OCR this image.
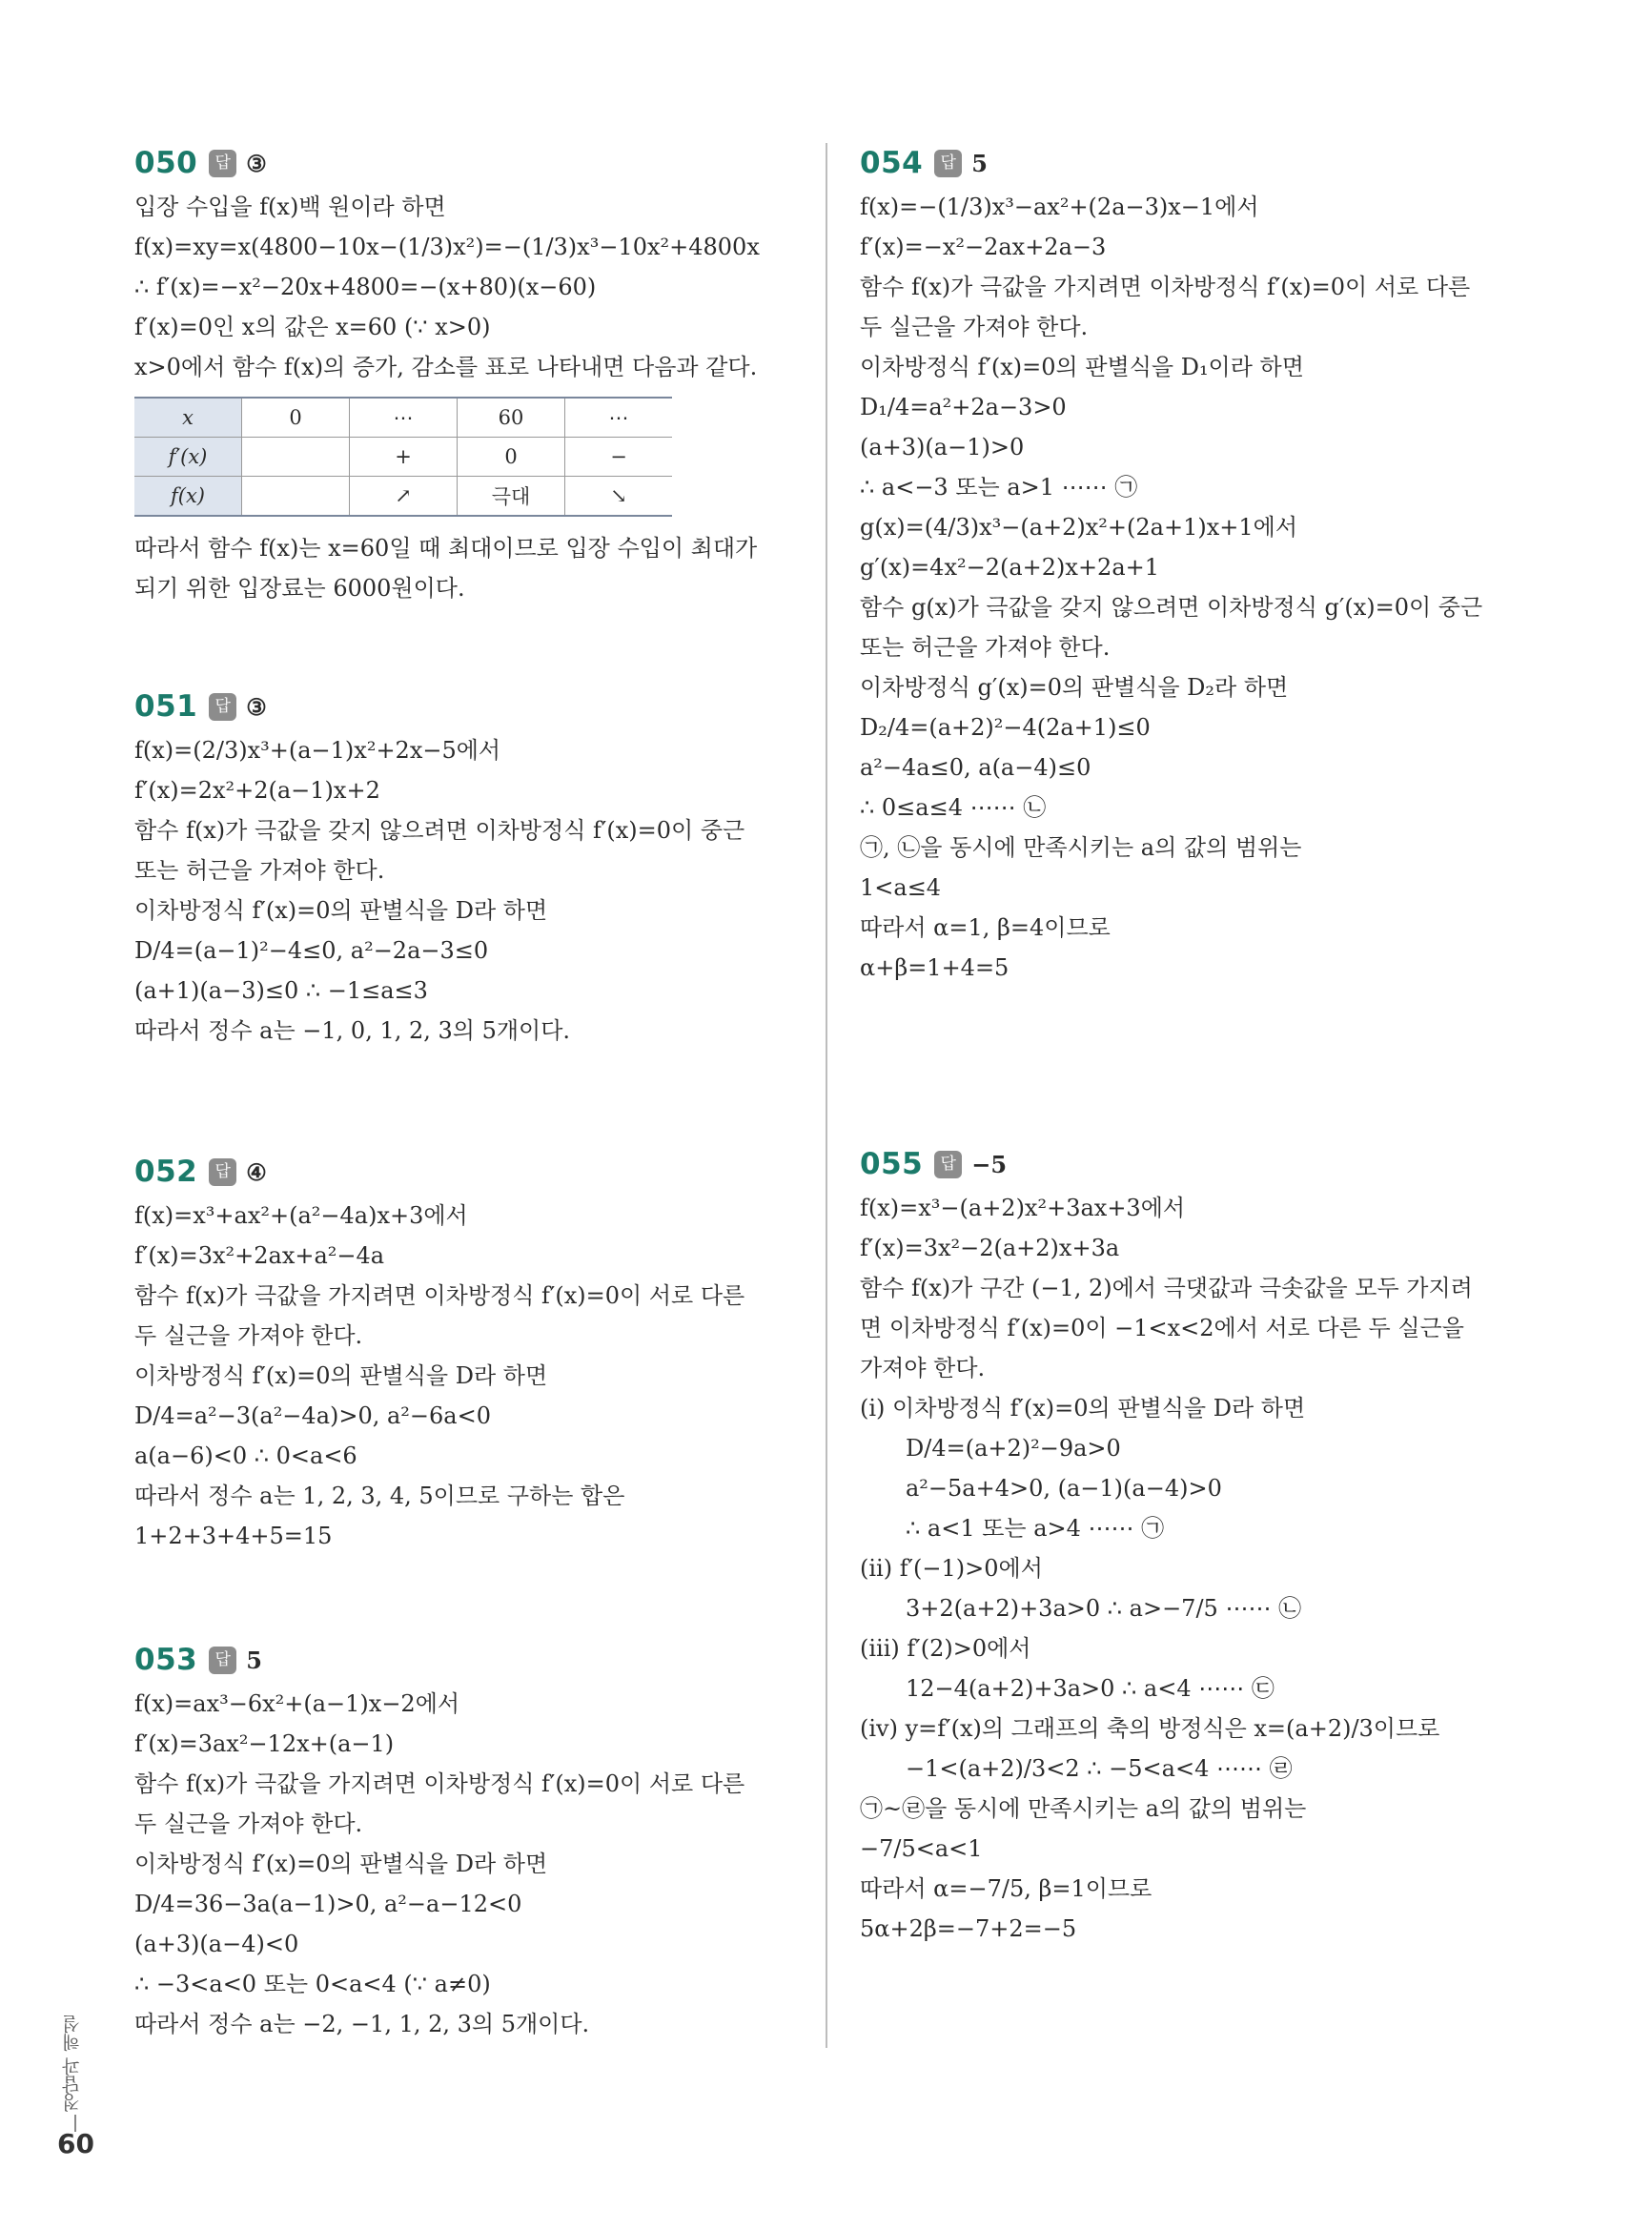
050	답 ③
입장 수입을 f(x)백 원이라 하면
f(x)=xy=x(4800−10x−(1/3)x²)=−(1/3)x³−10x²+4800x
∴ f′(x)=−x²−20x+4800=−(x+80)(x−60)
f′(x)=0인 x의 값은 x=60 (∵ x>0)
x>0에서 함수 f(x)의 증가, 감소를 표로 나타내면 다음과 같다.
x	0	⋯	60	⋯
f′(x)		+	0	−
f(x)		↗	극대	↘
따라서 함수 f(x)는 x=60일 때 최대이므로 입장 수입이 최대가
되기 위한 입장료는 6000원이다.
051	답 ③
f(x)=(2/3)x³+(a−1)x²+2x−5에서
f′(x)=2x²+2(a−1)x+2
함수 f(x)가 극값을 갖지 않으려면 이차방정식 f′(x)=0이 중근
또는 허근을 가져야 한다.
이차방정식 f′(x)=0의 판별식을 D라 하면
D/4=(a−1)²−4≤0, a²−2a−3≤0
(a+1)(a−3)≤0 ∴ −1≤a≤3
따라서 정수 a는 −1, 0, 1, 2, 3의 5개이다.
052	답 ④
f(x)=x³+ax²+(a²−4a)x+3에서
f′(x)=3x²+2ax+a²−4a
함수 f(x)가 극값을 가지려면 이차방정식 f′(x)=0이 서로 다른
두 실근을 가져야 한다.
이차방정식 f′(x)=0의 판별식을 D라 하면
D/4=a²−3(a²−4a)>0, a²−6a<0
a(a−6)<0 ∴ 0<a<6
따라서 정수 a는 1, 2, 3, 4, 5이므로 구하는 합은
1+2+3+4+5=15
053	답 5
f(x)=ax³−6x²+(a−1)x−2에서
f′(x)=3ax²−12x+(a−1)
함수 f(x)가 극값을 가지려면 이차방정식 f′(x)=0이 서로 다른
두 실근을 가져야 한다.
이차방정식 f′(x)=0의 판별식을 D라 하면
D/4=36−3a(a−1)>0, a²−a−12<0
(a+3)(a−4)<0
∴ −3<a<0 또는 0<a<4 (∵ a≠0)
따라서 정수 a는 −2, −1, 1, 2, 3의 5개이다.
054	답 5
f(x)=−(1/3)x³−ax²+(2a−3)x−1에서
f′(x)=−x²−2ax+2a−3
함수 f(x)가 극값을 가지려면 이차방정식 f′(x)=0이 서로 다른
두 실근을 가져야 한다.
이차방정식 f′(x)=0의 판별식을 D₁이라 하면
D₁/4=a²+2a−3>0
(a+3)(a−1)>0
∴ a<−3 또는 a>1 ⋯⋯ ㉠
g(x)=(4/3)x³−(a+2)x²+(2a+1)x+1에서
g′(x)=4x²−2(a+2)x+2a+1
함수 g(x)가 극값을 갖지 않으려면 이차방정식 g′(x)=0이 중근
또는 허근을 가져야 한다.
이차방정식 g′(x)=0의 판별식을 D₂라 하면
D₂/4=(a+2)²−4(2a+1)≤0
a²−4a≤0, a(a−4)≤0
∴ 0≤a≤4 ⋯⋯ ㉡
㉠, ㉡을 동시에 만족시키는 a의 값의 범위는
1<a≤4
따라서 α=1, β=4이므로
α+β=1+4=5
055	답 −5
f(x)=x³−(a+2)x²+3ax+3에서
f′(x)=3x²−2(a+2)x+3a
함수 f(x)가 구간 (−1, 2)에서 극댓값과 극솟값을 모두 가지려
면 이차방정식 f′(x)=0이 −1<x<2에서 서로 다른 두 실근을
가져야 한다.
(ⅰ) 이차방정식 f′(x)=0의 판별식을 D라 하면
D/4=(a+2)²−9a>0
a²−5a+4>0, (a−1)(a−4)>0
∴ a<1 또는 a>4 ⋯⋯ ㉠
(ⅱ) f′(−1)>0에서
3+2(a+2)+3a>0 ∴ a>−7/5 ⋯⋯ ㉡
(ⅲ) f′(2)>0에서
12−4(a+2)+3a>0 ∴ a<4 ⋯⋯ ㉢
(ⅳ) y=f′(x)의 그래프의 축의 방정식은 x=(a+2)/3이므로
−1<(a+2)/3<2 ∴ −5<a<4 ⋯⋯ ㉣
㉠~㉣을 동시에 만족시키는 a의 값의 범위는
−7/5<a<1
따라서 α=−7/5, β=1이므로
5α+2β=−7+2=−5
정답과 해설
60
